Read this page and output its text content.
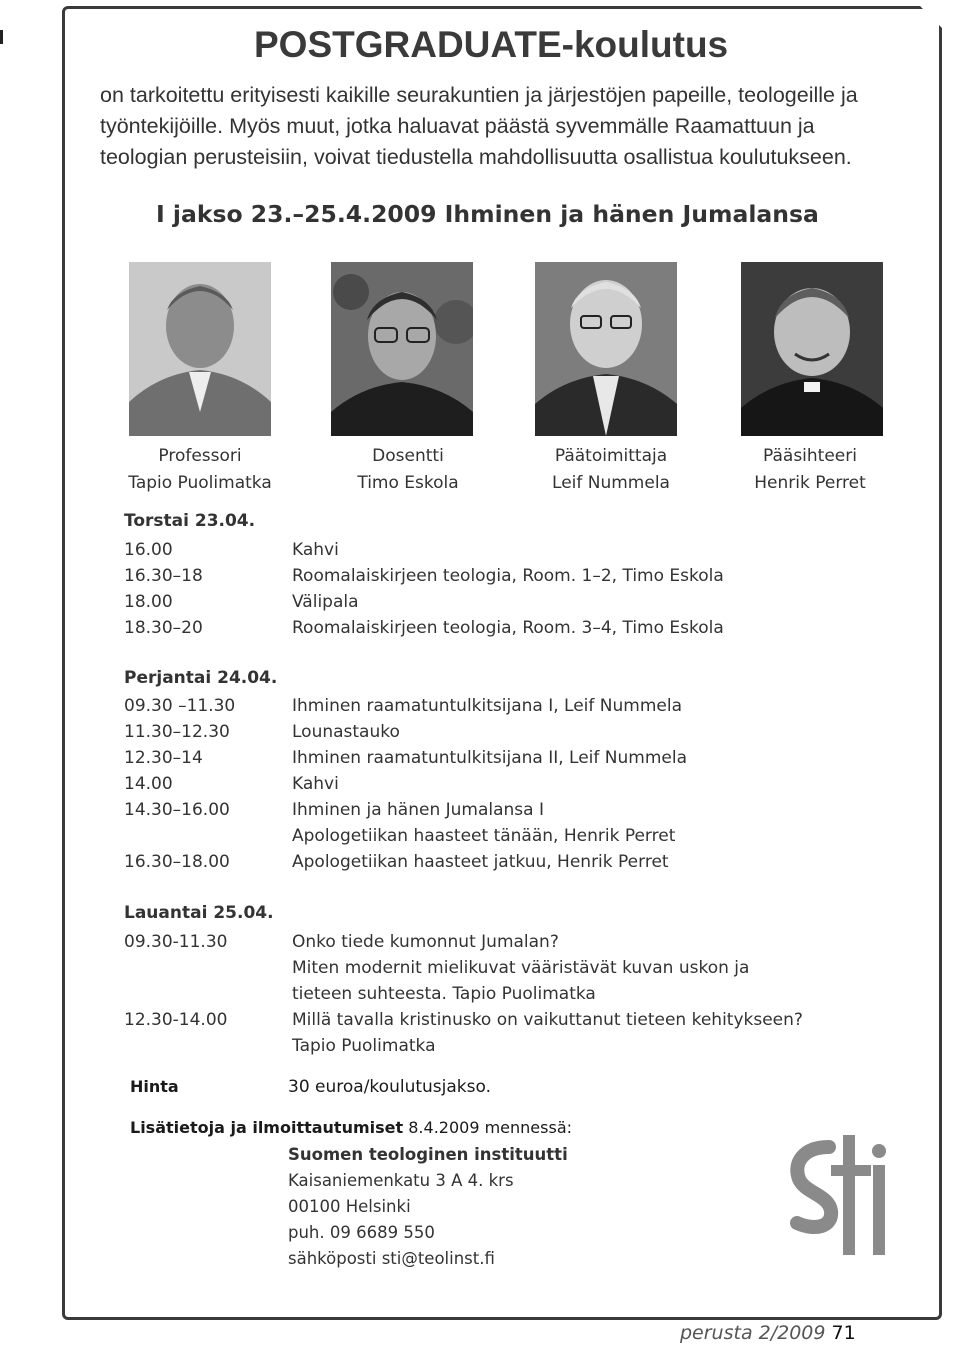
POSTGRADUATE-koulutus

on tarkoitettu erityisesti kaikille seurakuntien ja järjestöjen papeille, teologeille ja työntekijöille. Myös muut, jotka haluavat päästä syvemmälle Raamattuun ja teologian perusteisiin, voivat tiedustella mahdollisuutta osallistua koulutukseen.

I jakso 23.–25.4.2009 Ihminen ja hänen Jumalansa
Professori
Tapio Puolimatka
Dosentti
Timo Eskola
Päätoimittaja
Leif Nummela
Pääsihteeri
Henrik Perret
Torstai 23.04.
16.00	Kahvi
16.30–18	Roomalaiskirjeen teologia, Room. 1–2, Timo Eskola
18.00	Välipala
18.30–20	Roomalaiskirjeen teologia, Room. 3–4, Timo Eskola
Perjantai 24.04.
09.30 –11.30	Ihminen raamatuntulkitsijana I, Leif Nummela
11.30–12.30	Lounastauko
12.30–14	Ihminen raamatuntulkitsijana II, Leif Nummela
14.00	Kahvi
14.30–16.00	Ihminen ja hänen Jumalansa I
Apologetiikan haasteet tänään, Henrik Perret
16.30–18.00	Apologetiikan haasteet jatkuu, Henrik Perret
Lauantai 25.04.
09.30-11.30	Onko tiede kumonnut Jumalan?
Miten modernit mielikuvat vääristävät kuvan uskon ja
tieteen suhteesta. Tapio Puolimatka
12.30-14.00	Millä tavalla kristinusko on vaikuttanut tieteen kehitykseen?
Tapio Puolimatka
Hinta	30 euroa/koulutusjakso.
Lisätietoja ja ilmoittautumiset 8.4.2009 mennessä:
Suomen teologinen instituutti
Kaisaniemenkatu 3 A 4. krs
00100 Helsinki
puh. 09 6689 550
sähköposti sti@teolinst.fi
perusta 2/2009 71
